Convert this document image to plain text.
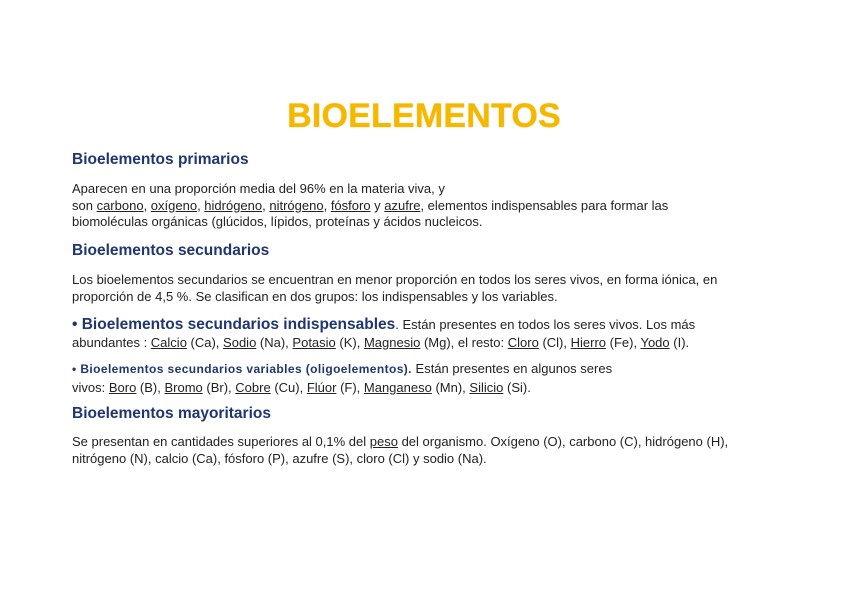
BIOELEMENTOS
Bioelementos primarios
Aparecen en una proporción media del 96% en la materia viva, y
son carbono, oxígeno, hidrógeno, nitrógeno, fósforo y azufre, elementos indispensables para formar las
biomoléculas orgánicas (glúcidos, lípidos, proteínas y ácidos nucleicos.
Bioelementos secundarios
Los bioelementos secundarios se encuentran en menor proporción en todos los seres vivos, en forma iónica, en proporción de 4,5 %. Se clasifican en dos grupos: los indispensables y los variables.
• Bioelementos secundarios indispensables. Están presentes en todos los seres vivos. Los más
abundantes : Calcio (Ca), Sodio (Na), Potasio (K), Magnesio (Mg), el resto: Cloro (Cl), Hierro (Fe), Yodo (I).
• Bioelementos secundarios variables (oligoelementos). Están presentes en algunos seres
vivos: Boro (B), Bromo (Br), Cobre (Cu), Flúor (F), Manganeso (Mn), Silicio (Si).
Bioelementos mayoritarios
Se presentan en cantidades superiores al 0,1% del peso del organismo. Oxígeno (O), carbono (C), hidrógeno (H), nitrógeno (N), calcio (Ca), fósforo (P), azufre (S), cloro (Cl) y sodio (Na).
